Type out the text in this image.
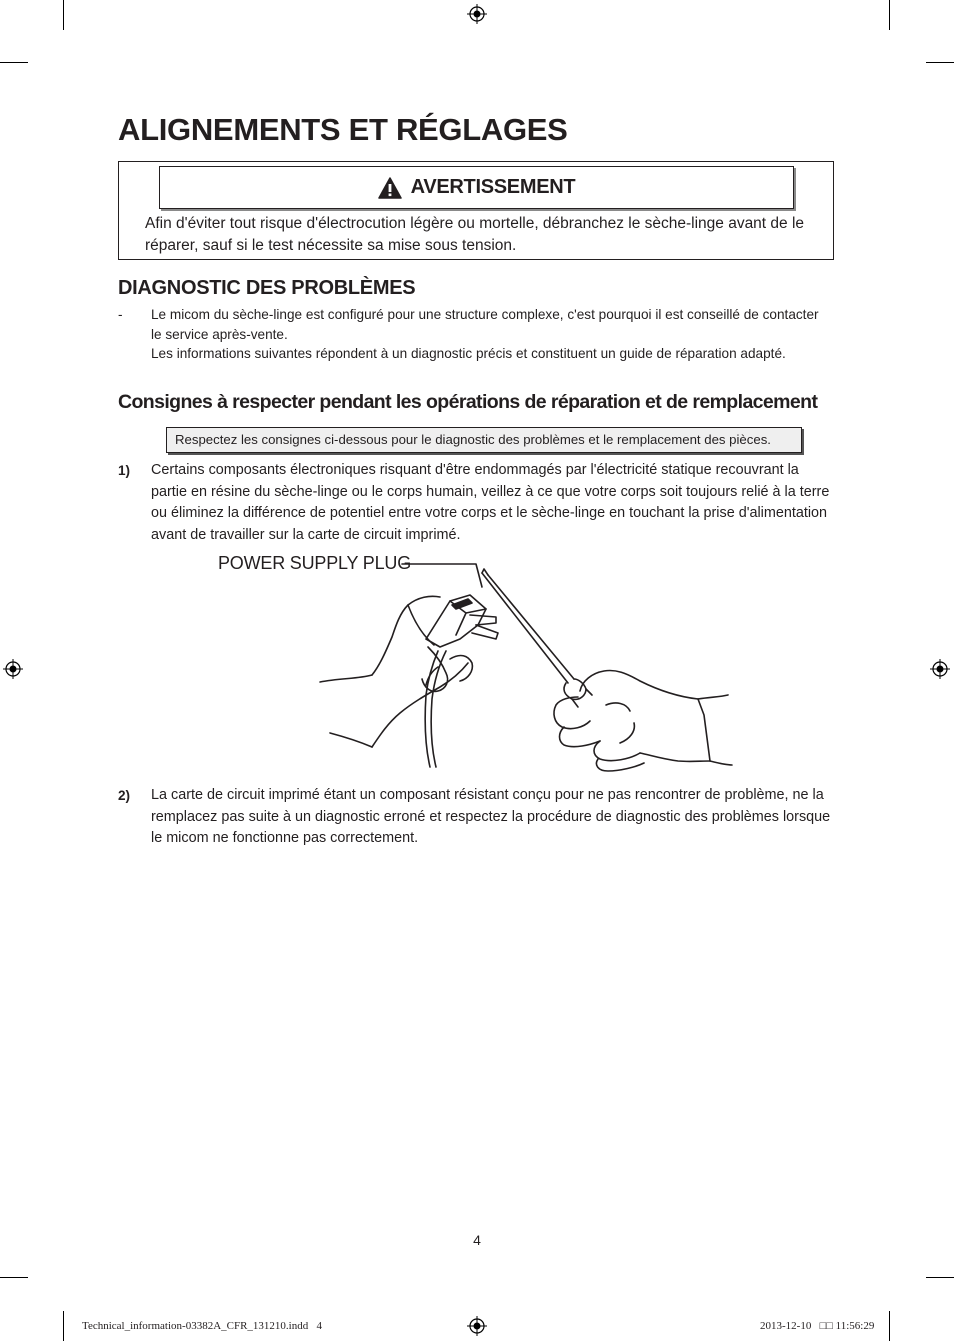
ALIGNEMENTS ET RÉGLAGES
AVERTISSEMENT
Afin d'éviter tout risque d'électrocution légère ou mortelle, débranchez le sèche-linge avant de le réparer, sauf si le test nécessite sa mise sous tension.
DIAGNOSTIC DES PROBLÈMES
- Le micom du sèche-linge est configuré pour une structure complexe, c'est pourquoi il est conseillé de contacter le service après-vente.
Les informations suivantes répondent à un diagnostic précis et constituent un guide de réparation adapté.
Consignes à respecter pendant les opérations de réparation et de remplacement
Respectez les consignes ci-dessous pour le diagnostic des problèmes et le remplacement des pièces.
1) Certains composants électroniques risquant d'être endommagés par l'électricité statique recouvrant la partie en résine du sèche-linge ou le corps humain, veillez à ce que votre corps soit toujours relié à la terre ou éliminez la différence de potentiel entre votre corps et le sèche-linge en touchant la prise d'alimentation avant de travailler sur la carte de circuit imprimé.
POWER SUPPLY PLUG
2) La carte de circuit imprimé étant un composant résistant conçu pour ne pas rencontrer de problème, ne la remplacez pas suite à un diagnostic erroné et respectez la procédure de diagnostic des problèmes lorsque le micom ne fonctionne pas correctement.
4
Technical_information-03382A_CFR_131210.indd   4	2013-12-10   □□ 11:56:29
